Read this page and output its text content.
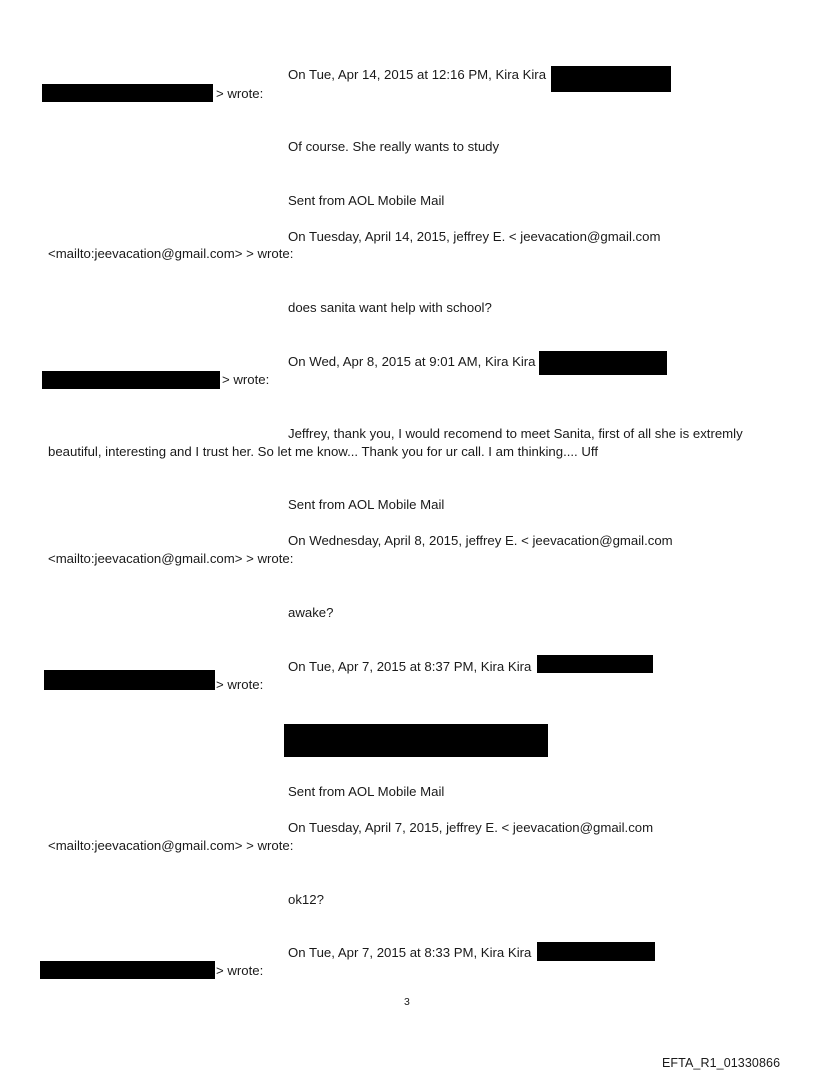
On Tue, Apr 14, 2015 at 12:16 PM, Kira Kira
> wrote:
Of course. She really wants to study
Sent from AOL Mobile Mail
On Tuesday, April 14, 2015, jeffrey E. < jeevacation@gmail.com
<mailto:jeevacation@gmail.com> > wrote:
does sanita want help with school?
On Wed, Apr 8, 2015 at 9:01 AM, Kira Kira
> wrote:
Jeffrey, thank you, I would recomend to meet Sanita, first of all she is extremly
beautiful, interesting and I trust her. So let me know... Thank you for ur call. I am thinking.... Uff
Sent from AOL Mobile Mail
On Wednesday, April 8, 2015, jeffrey E. < jeevacation@gmail.com
<mailto:jeevacation@gmail.com> > wrote:
awake?
On Tue, Apr 7, 2015 at 8:37 PM, Kira Kira
> wrote:
Sent from AOL Mobile Mail
On Tuesday, April 7, 2015, jeffrey E. < jeevacation@gmail.com
<mailto:jeevacation@gmail.com> > wrote:
ok12?
On Tue, Apr 7, 2015 at 8:33 PM, Kira Kira
> wrote:
3
EFTA_R1_01330866
